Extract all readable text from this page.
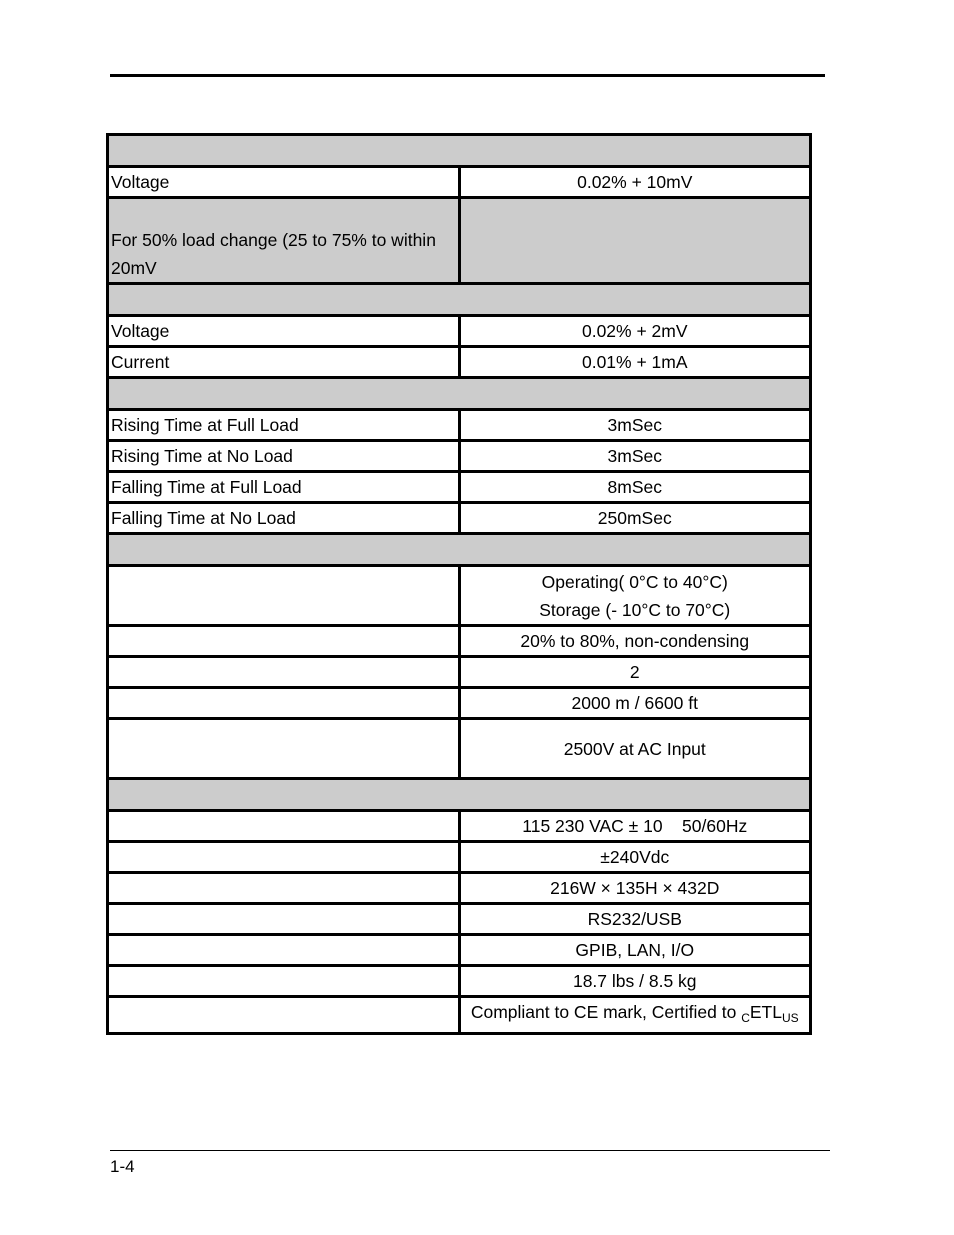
Voltage	0.02% + 10mV
For 50% load change (25 to 75% to within 20mV	

Voltage	0.02% + 2mV
Current	0.01% + 1mA

Rising Time at Full Load	3mSec
Rising Time at No Load	3mSec
Falling Time at Full Load	8mSec
Falling Time at No Load	250mSec

	Operating( 0°C to 40°C)
Storage (- 10°C to 70°C)

	20% to 80%, non-condensing
	2
	2000 m / 6600 ft
	2500V at AC Input

	115 230 VAC ± 10    50/60Hz
	±240Vdc
	216W × 135H × 432D
	RS232/USB
	GPIB, LAN, I/O
	18.7 lbs / 8.5 kg
	Compliant to CE mark, Certified to $_CETL_{US}$
1-4
